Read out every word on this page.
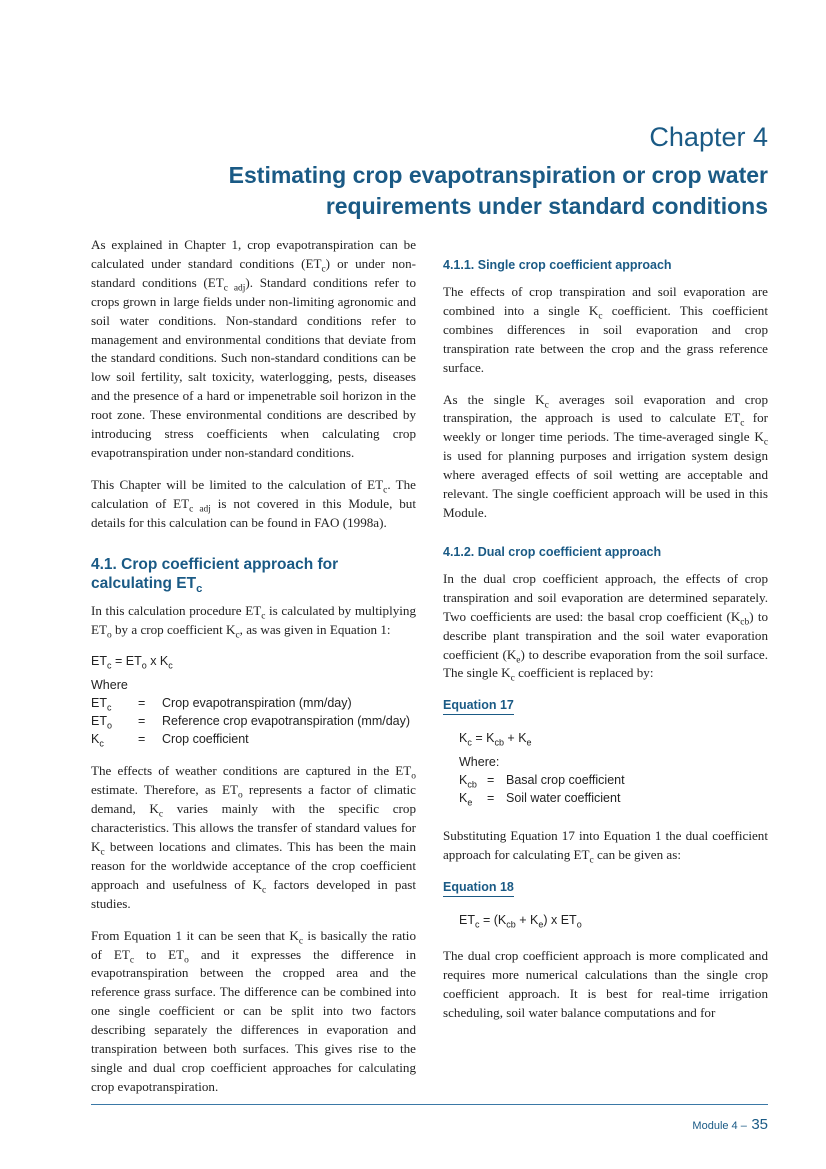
Chapter 4
Estimating crop evapotranspiration or crop water requirements under standard conditions

As explained in Chapter 1, crop evapotranspiration can be calculated under standard conditions $(ET_c)$ or under non-standard conditions $(ET_{c adj})$. Standard conditions refer to crops grown in large fields under non-limiting agronomic and soil water conditions. Non-standard conditions refer to management and environmental conditions that deviate from the standard conditions. Such non-standard conditions can be low soil fertility, salt toxicity, waterlogging, pests, diseases and the presence of a hard or impenetrable soil horizon in the root zone. These environmental conditions are described by introducing stress coefficients when calculating crop evapotranspiration under non-standard conditions.

This Chapter will be limited to the calculation of $ET_c$. The calculation of $ET_{c adj}$ is not covered in this Module, but details for this calculation can be found in FAO (1998a).

4.1. Crop coefficient approach for calculating $ET_c$

In this calculation procedure $ET_c$ is calculated by multiplying $ET_o$ by a crop coefficient $K_c$, as was given in Equation 1:

$ET_c = ET_o$ x $K_c$
Where
$ET_c$	=	Crop evapotranspiration (mm/day)
$ET_o$	=	Reference crop evapotranspiration (mm/day)
$K_c$	=	Crop coefficient

The effects of weather conditions are captured in the $ET_o$ estimate. Therefore, as $ET_o$ represents a factor of climatic demand, $K_c$ varies mainly with the specific crop characteristics. This allows the transfer of standard values for $K_c$ between locations and climates. This has been the main reason for the worldwide acceptance of the crop coefficient approach and usefulness of $K_c$ factors developed in past studies.

From Equation 1 it can be seen that $K_c$ is basically the ratio of $ET_c$ to $ET_o$ and it expresses the difference in evapotranspiration between the cropped area and the reference grass surface. The difference can be combined into one single coefficient or can be split into two factors describing separately the differences in evaporation and transpiration between both surfaces. This gives rise to the single and dual crop coefficient approaches for calculating crop evapotranspiration.

4.1.1. Single crop coefficient approach

The effects of crop transpiration and soil evaporation are combined into a single $K_c$ coefficient. This coefficient combines differences in soil evaporation and crop transpiration rate between the crop and the grass reference surface.

As the single $K_c$ averages soil evaporation and crop transpiration, the approach is used to calculate $ET_c$ for weekly or longer time periods. The time-averaged single $K_c$ is used for planning purposes and irrigation system design where averaged effects of soil wetting are acceptable and relevant. The single coefficient approach will be used in this Module.

4.1.2. Dual crop coefficient approach

In the dual crop coefficient approach, the effects of crop transpiration and soil evaporation are determined separately. Two coefficients are used: the basal crop coefficient $(K_{cb})$ to describe plant transpiration and the soil water evaporation coefficient $(K_e)$ to describe evaporation from the soil surface. The single $K_c$ coefficient is replaced by:

Equation 17
$K_c = K_{cb} + K_e$
Where:
$K_{cb}$ = Basal crop coefficient
$K_e$	= Soil water coefficient

Substituting Equation 17 into Equation 1 the dual coefficient approach for calculating $ET_c$ can be given as:

Equation 18
$ET_c = (K_{cb} + K_e)$ x $ET_o$

The dual crop coefficient approach is more complicated and requires more numerical calculations than the single crop coefficient approach. It is best for real-time irrigation scheduling, soil water balance computations and for

Module 4 – 35
